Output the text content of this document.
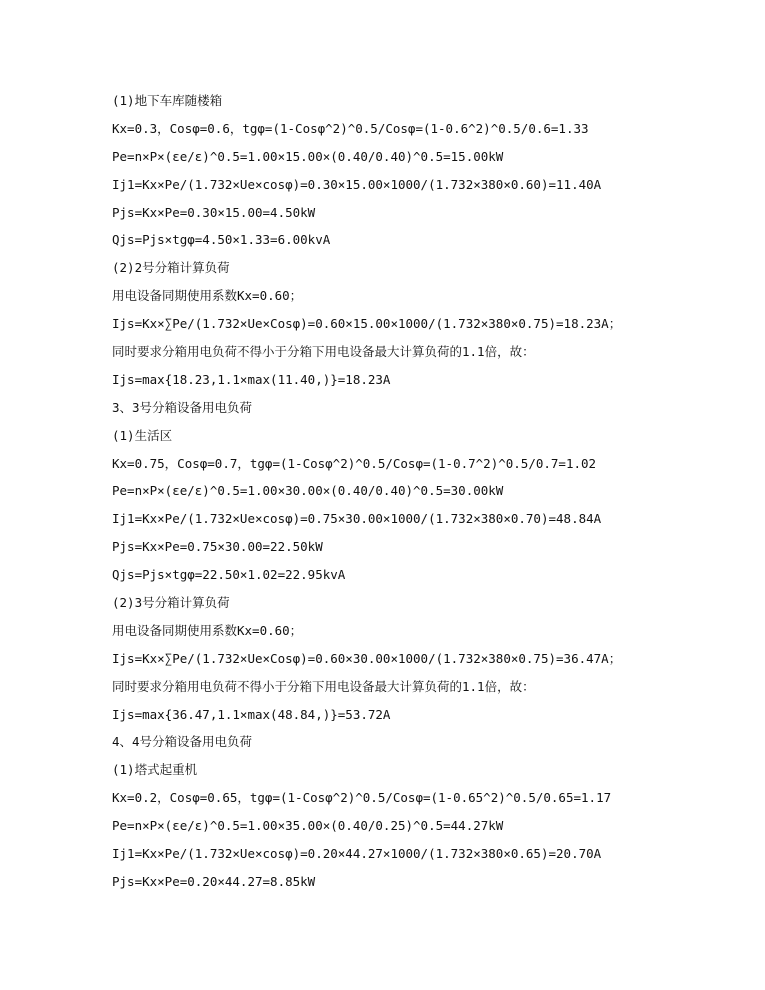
(1)地下车库随楼箱
Kx=0.3，Cosφ=0.6，tgφ=(1-Cosφ^2)^0.5/Cosφ=(1-0.6^2)^0.5/0.6=1.33
Pe=n×P×(εe/ε)^0.5=1.00×15.00×(0.40/0.40)^0.5=15.00kW
Ij1=Kx×Pe/(1.732×Ue×cosφ)=0.30×15.00×1000/(1.732×380×0.60)=11.40A
Pjs=Kx×Pe=0.30×15.00=4.50kW
Qjs=Pjs×tgφ=4.50×1.33=6.00kvA
(2)2号分箱计算负荷
用电设备同期使用系数Kx=0.60；
Ijs=Kx×∑Pe/(1.732×Ue×Cosφ)=0.60×15.00×1000/(1.732×380×0.75)=18.23A；
同时要求分箱用电负荷不得小于分箱下用电设备最大计算负荷的1.1倍，故：
Ijs=max{18.23,1.1×max(11.40,)}=18.23A
3、3号分箱设备用电负荷
(1)生活区
Kx=0.75，Cosφ=0.7，tgφ=(1-Cosφ^2)^0.5/Cosφ=(1-0.7^2)^0.5/0.7=1.02
Pe=n×P×(εe/ε)^0.5=1.00×30.00×(0.40/0.40)^0.5=30.00kW
Ij1=Kx×Pe/(1.732×Ue×cosφ)=0.75×30.00×1000/(1.732×380×0.70)=48.84A
Pjs=Kx×Pe=0.75×30.00=22.50kW
Qjs=Pjs×tgφ=22.50×1.02=22.95kvA
(2)3号分箱计算负荷
用电设备同期使用系数Kx=0.60；
Ijs=Kx×∑Pe/(1.732×Ue×Cosφ)=0.60×30.00×1000/(1.732×380×0.75)=36.47A；
同时要求分箱用电负荷不得小于分箱下用电设备最大计算负荷的1.1倍，故：
Ijs=max{36.47,1.1×max(48.84,)}=53.72A
4、4号分箱设备用电负荷
(1)塔式起重机
Kx=0.2，Cosφ=0.65，tgφ=(1-Cosφ^2)^0.5/Cosφ=(1-0.65^2)^0.5/0.65=1.17
Pe=n×P×(εe/ε)^0.5=1.00×35.00×(0.40/0.25)^0.5=44.27kW
Ij1=Kx×Pe/(1.732×Ue×cosφ)=0.20×44.27×1000/(1.732×380×0.65)=20.70A
Pjs=Kx×Pe=0.20×44.27=8.85kW
